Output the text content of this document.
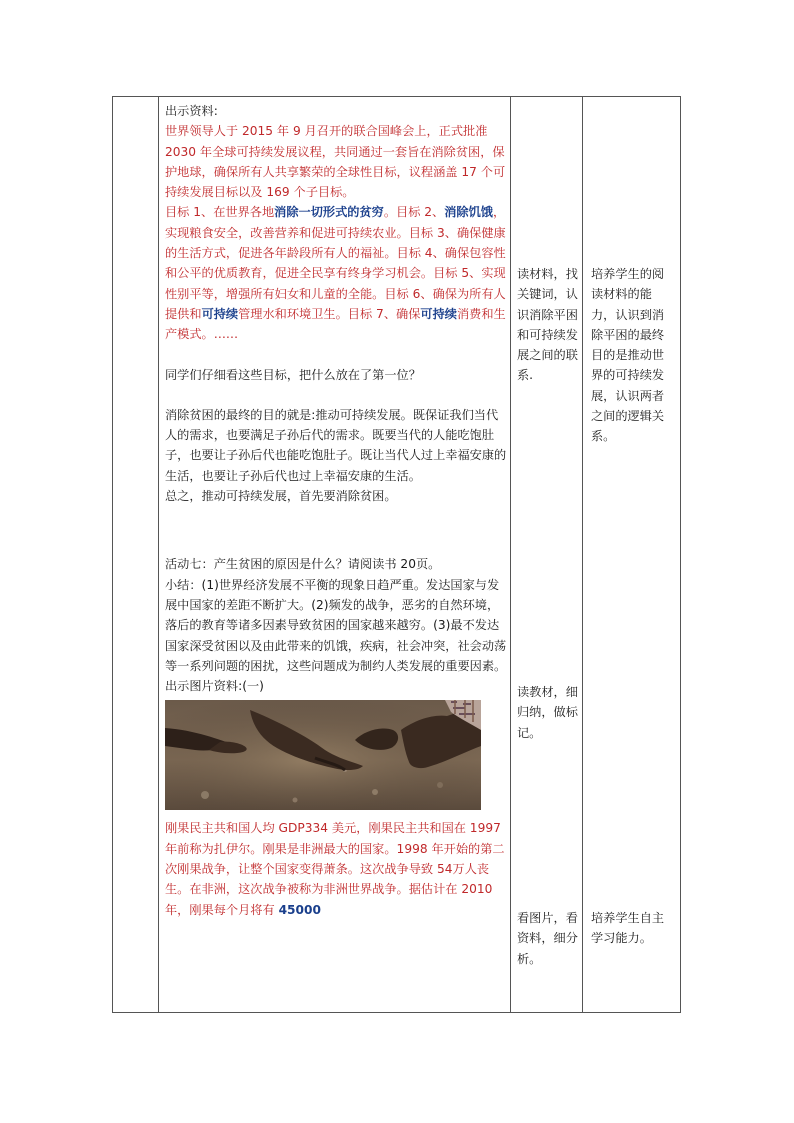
出示资料:

世界领导人于 2015 年 9 月召开的联合国峰会上，正式批准 2030 年全球可持续发展议程，共同通过一套旨在消除贫困，保护地球，确保所有人共享繁荣的全球性目标，议程涵盖 17 个可持续发展目标以及 169 个子目标。

目标 1、在世界各地消除一切形式的贫穷。目标 2、消除饥饿，实现粮食安全，改善营养和促进可持续农业。目标 3、确保健康的生活方式，促进各年龄段所有人的福祉。目标 4、确保包容性和公平的优质教育，促进全民享有终身学习机会。目标 5、实现性别平等，增强所有妇女和儿童的全能。目标 6、确保为所有人提供和可持续管理水和环境卫生。目标 7、确保可持续消费和生产模式。……

同学们仔细看这些目标，把什么放在了第一位？

消除贫困的最终的目的就是:推动可持续发展。既保证我们当代人的需求，也要满足子孙后代的需求。既要当代的人能吃饱肚子，也要让子孙后代也能吃饱肚子。既让当代人过上幸福安康的生活，也要让子孙后代也过上幸福安康的生活。

总之，推动可持续发展，首先要消除贫困。

活动七：产生贫困的原因是什么？请阅读书 20页。

小结：(1)世界经济发展不平衡的现象日趋严重。发达国家与发展中国家的差距不断扩大。(2)频发的战争，恶劣的自然环境，落后的教育等诸多因素导致贫困的国家越来越穷。(3)最不发达国家深受贫困以及由此带来的饥饿，疾病，社会冲突，社会动荡等一系列问题的困扰，这些问题成为制约人类发展的重要因素。

出示图片资料:(一)

刚果民主共和国人均 GDP334 美元，刚果民主共和国在 1997 年前称为扎伊尔。刚果是非洲最大的国家。1998 年开始的第二次刚果战争，让整个国家变得萧条。这次战争导致 54万人丧生。在非洲，这次战争被称为非洲世界战争。据估计在 2010 年，刚果每个月将有 45000

读材料，找关键词，认识消除平困和可持续发展之间的联系.
培养学生的阅读材料的能力，认识到消除平困的最终目的是推动世界的可持续发展，认识两者之间的逻辑关系。
读教材，细归纳，做标记。
看图片，看资料，细分析。
培养学生自主学习能力。
